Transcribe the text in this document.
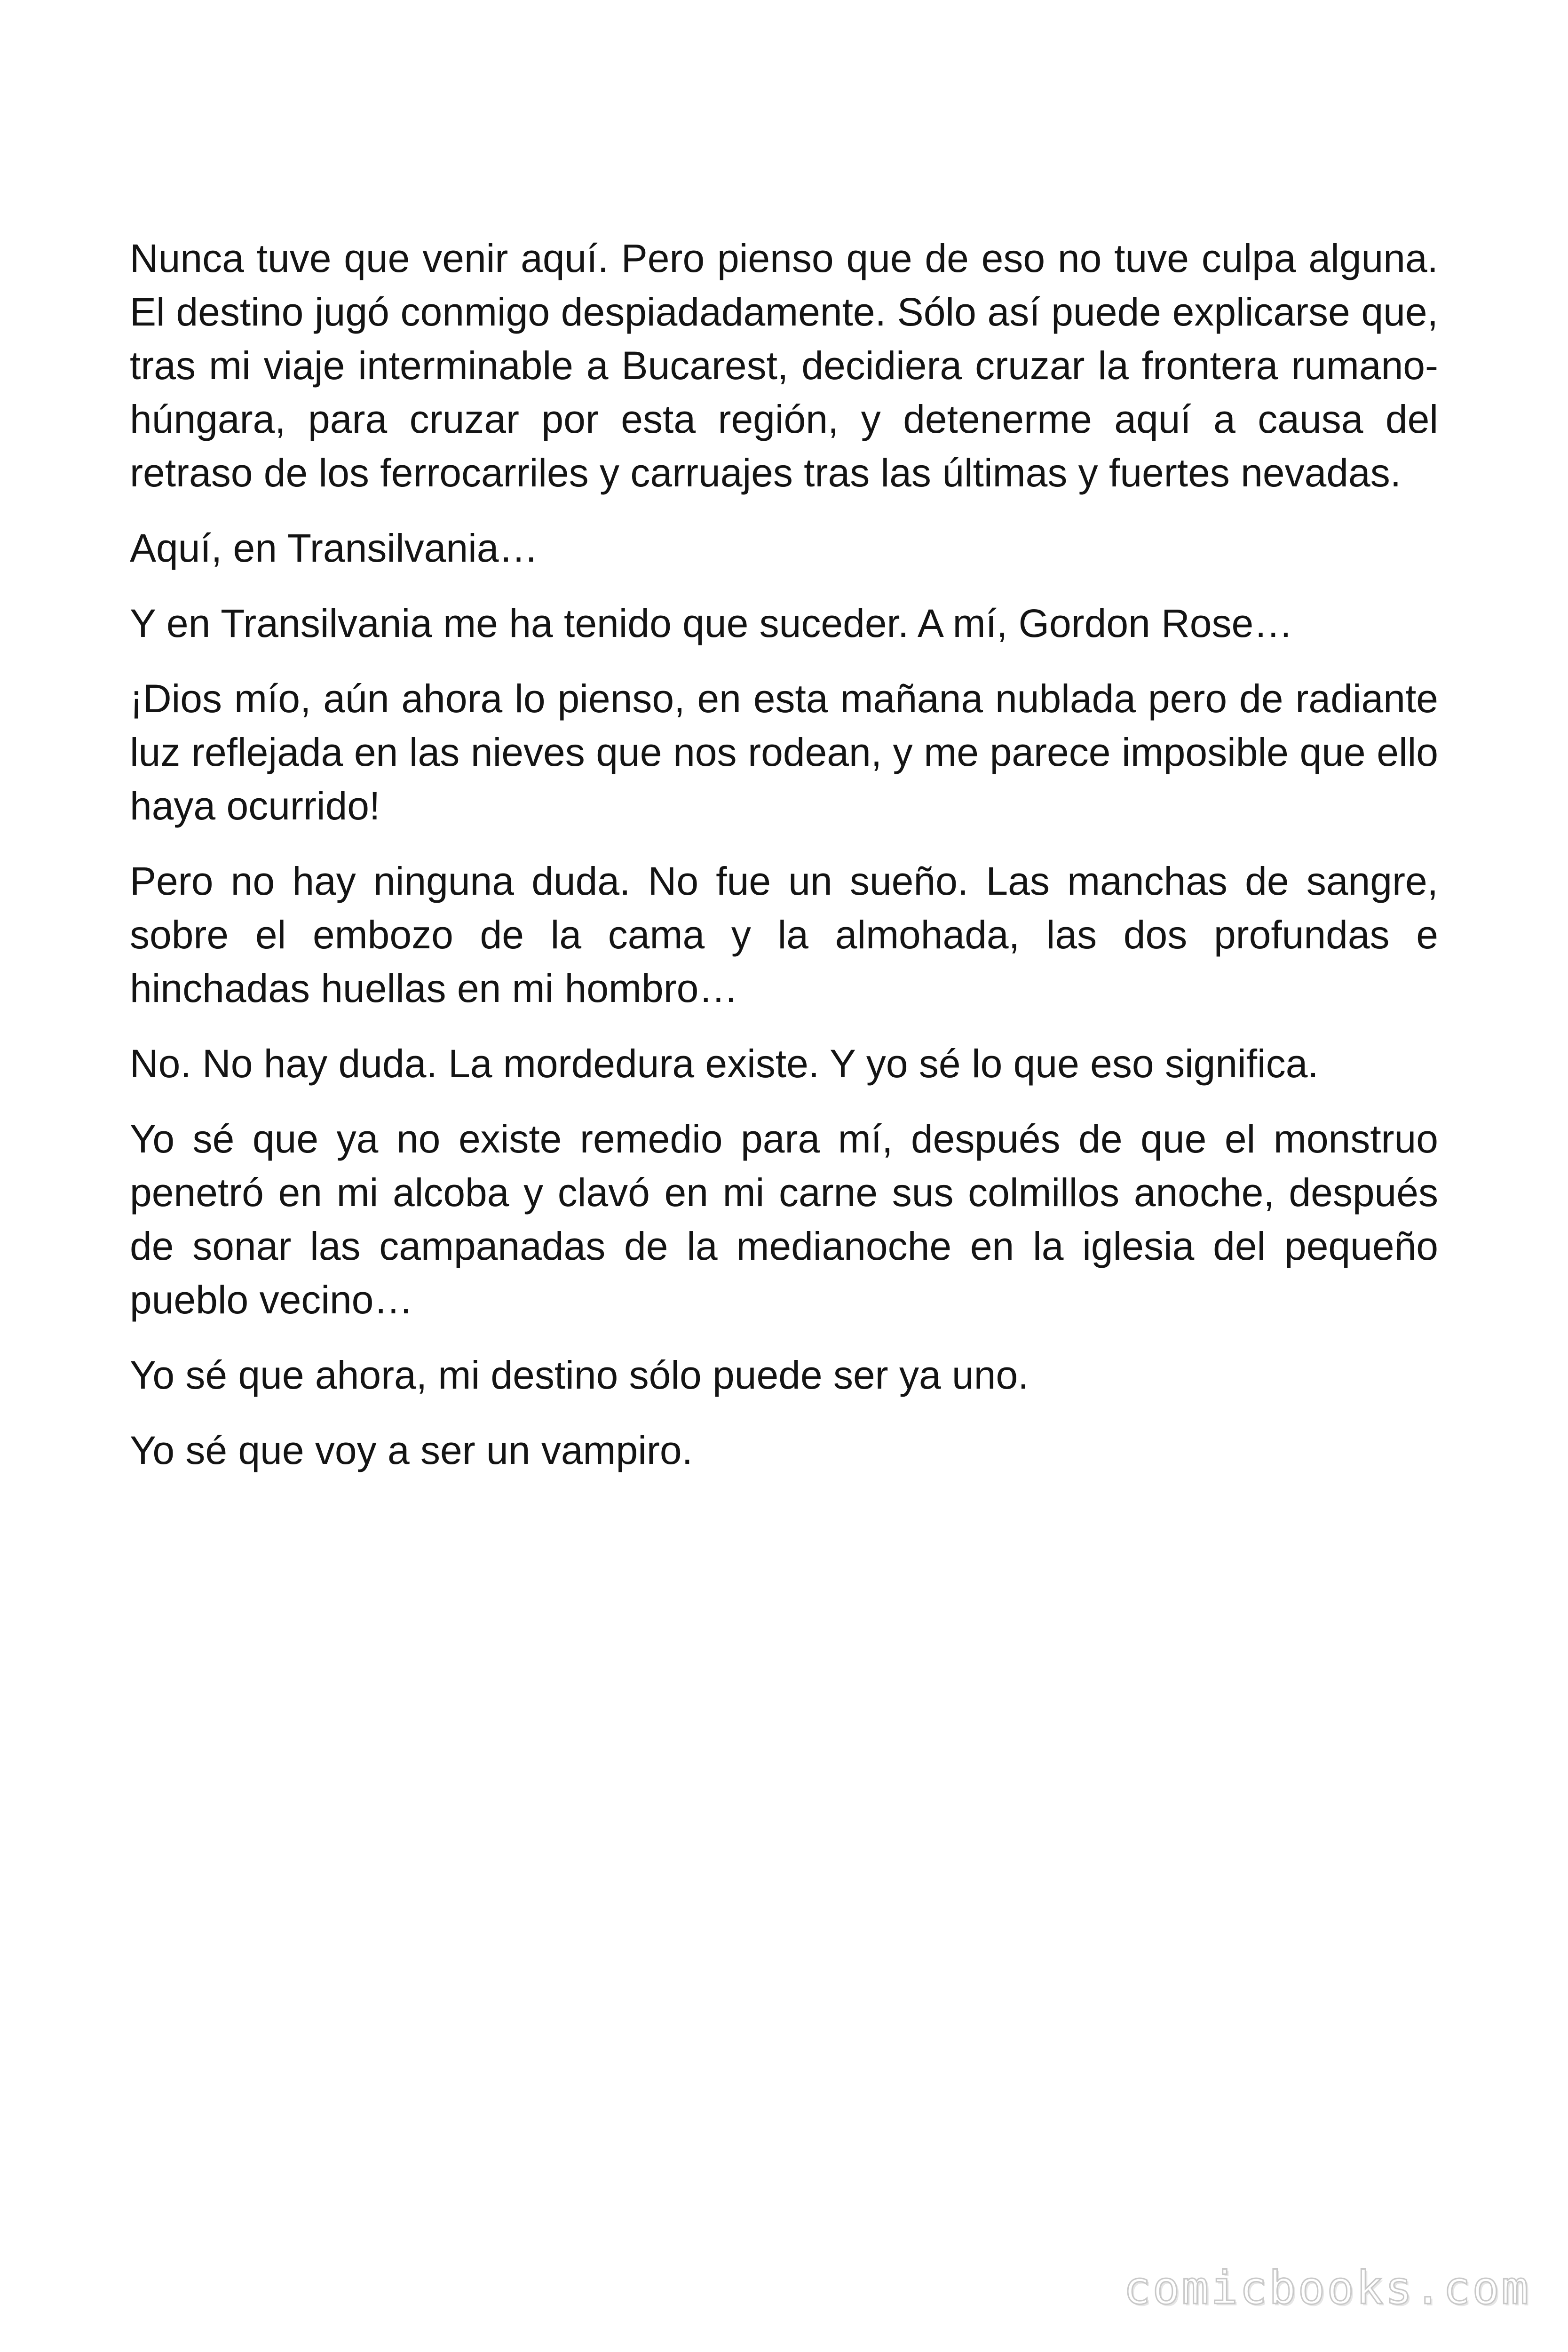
Nunca tuve que venir aquí. Pero pienso que de eso no tuve culpa alguna. El destino jugó conmigo despiadadamente. Sólo así puede explicarse que, tras mi viaje interminable a Bucarest, decidiera cruzar la frontera rumano-húngara, para cruzar por esta región, y detenerme aquí a causa del retraso de los ferrocarriles y carruajes tras las últimas y fuertes nevadas.

Aquí, en Transilvania…

Y en Transilvania me ha tenido que suceder. A mí, Gordon Rose…

¡Dios mío, aún ahora lo pienso, en esta mañana nublada pero de radiante luz reflejada en las nieves que nos rodean, y me parece imposible que ello haya ocurrido!

Pero no hay ninguna duda. No fue un sueño. Las manchas de sangre, sobre el embozo de la cama y la almohada, las dos profundas e hinchadas huellas en mi hombro…

No. No hay duda. La mordedura existe. Y yo sé lo que eso significa.

Yo sé que ya no existe remedio para mí, después de que el monstruo penetró en mi alcoba y clavó en mi carne sus colmillos anoche, después de sonar las campanadas de la medianoche en la iglesia del pequeño pueblo vecino…

Yo sé que ahora, mi destino sólo puede ser ya uno.

Yo sé que voy a ser un vampiro.

comicbooks.com
